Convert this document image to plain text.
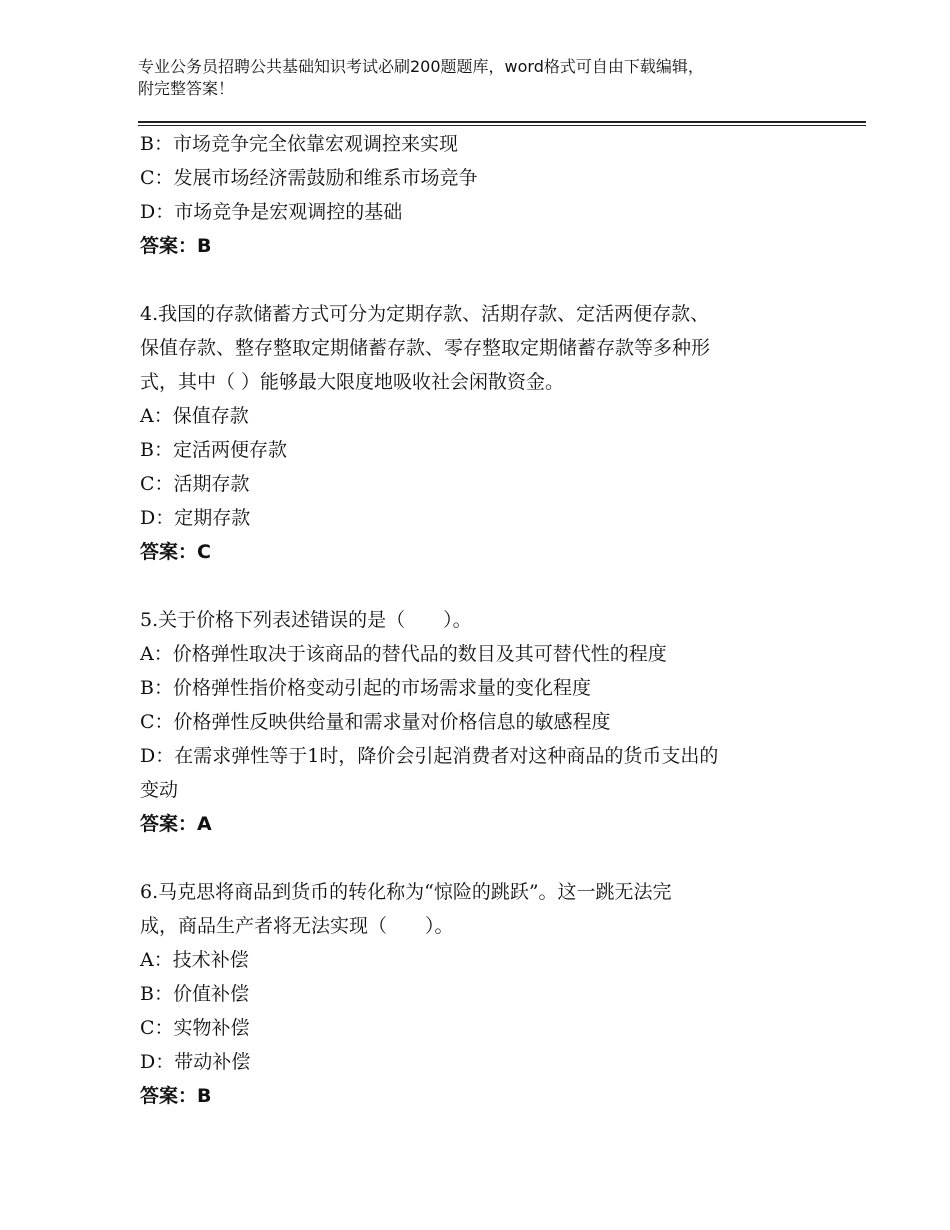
专业公务员招聘公共基础知识考试必刷200题题库，word格式可自由下载编辑，
附完整答案！
B：市场竞争完全依靠宏观调控来实现
C：发展市场经济需鼓励和维系市场竞争
D：市场竞争是宏观调控的基础
答案：B
4.我国的存款储蓄方式可分为定期存款、活期存款、定活两便存款、
保值存款、整存整取定期储蓄存款、零存整取定期储蓄存款等多种形
式，其中（ ）能够最大限度地吸收社会闲散资金。
A：保值存款
B：定活两便存款
C：活期存款
D：定期存款
答案：C
5.关于价格下列表述错误的是（　　）。
A：价格弹性取决于该商品的替代品的数目及其可替代性的程度
B：价格弹性指价格变动引起的市场需求量的变化程度
C：价格弹性反映供给量和需求量对价格信息的敏感程度
D：在需求弹性等于1时，降价会引起消费者对这种商品的货币支出的
变动
答案：A
6.马克思将商品到货币的转化称为“惊险的跳跃”。这一跳无法完
成，商品生产者将无法实现（　　）。
A：技术补偿
B：价值补偿
C：实物补偿
D：带动补偿
答案：B
